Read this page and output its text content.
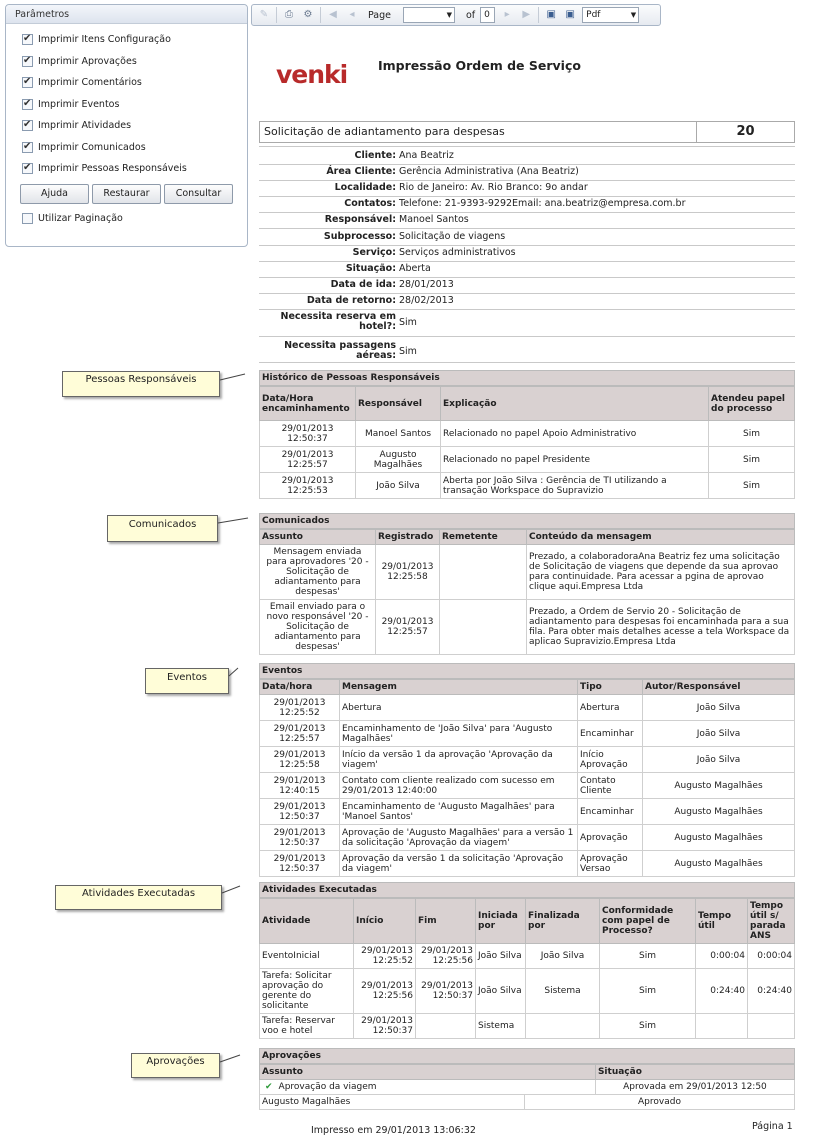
Parâmetros
✔
Imprimir Itens Configuração
✔
Imprimir Aprovações
✔
Imprimir Comentários
✔
Imprimir Eventos
✔
Imprimir Atividades
✔
Imprimir Comunicados
✔
Imprimir Pessoas Responsáveis
Ajuda	Restaurar	Consultar
Utilizar Paginação
✎	⎙	⚙	◀	◂	Page	▼ of	0	▸	▶	▣ ▣	Pdf	▼
venki Impressão Ordem de Serviço
Solicitação de adiantamento para despesas	20
Cliente: Ana Beatriz
Área Cliente: Gerência Administrativa (Ana Beatriz)
Localidade: Rio de Janeiro: Av. Rio Branco: 9o andar
Contatos: Telefone: 21-9393-9292Email: ana.beatriz@empresa.com.br
Responsável: Manoel Santos
Subprocesso: Solicitação de viagens
Serviço: Serviços administrativos
Situação: Aberta
Data de ida: 28/01/2013
Data de retorno: 28/02/2013
Necessita reserva em hotel?: Sim
Necessita passagens aéreas: Sim
Histórico de Pessoas Responsáveis
Data/Hora encaminhamento	Responsável	Explicação	Atendeu papel do processo
29/01/2013 12:50:37	Manoel Santos	Relacionado no papel Apoio Administrativo	Sim
29/01/2013 12:25:57	Augusto Magalhães	Relacionado no papel Presidente	Sim
29/01/2013 12:25:53	João Silva	Aberta por João Silva : Gerência de TI utilizando a transação Workspace do Supravizio	Sim
Comunicados
Assunto	Registrado	Remetente	Conteúdo da mensagem
Mensagem enviada para aprovadores '20 - Solicitação de adiantamento para despesas'	29/01/2013 12:25:58		Prezado, a colaboradoraAna Beatriz fez uma solicitação de Solicitação de viagens que depende da sua aprovao para continuidade. Para acessar a pgina de aprovao clique aqui.Empresa Ltda
Email enviado para o novo responsável '20 - Solicitação de adiantamento para despesas'	29/01/2013 12:25:57		Prezado, a Ordem de Servio 20 - Solicitação de adiantamento para despesas foi encaminhada para a sua fila. Para obter mais detalhes acesse a tela Workspace da aplicao Supravizio.Empresa Ltda
Eventos
Data/hora	Mensagem	Tipo	Autor/Responsável
29/01/2013 12:25:52	Abertura	Abertura	João Silva
29/01/2013 12:25:57	Encaminhamento de 'João Silva' para 'Augusto Magalhães'	Encaminhar	João Silva
29/01/2013 12:25:58	Início da versão 1 da aprovação 'Aprovação da viagem'	Início Aprovação	João Silva
29/01/2013 12:40:15	Contato com cliente realizado com sucesso em 29/01/2013 12:40:00	Contato Cliente	Augusto Magalhães
29/01/2013 12:50:37	Encaminhamento de 'Augusto Magalhães' para 'Manoel Santos'	Encaminhar	Augusto Magalhães
29/01/2013 12:50:37	Aprovação de 'Augusto Magalhães' para a versão 1 da solicitação 'Aprovação da viagem'	Aprovação	Augusto Magalhães
29/01/2013 12:50:37	Aprovação da versão 1 da solicitação 'Aprovação da viagem'	Aprovação Versao	Augusto Magalhães
Atividades Executadas
Atividade	Início	Fim	Iniciada por	Finalizada por	Conformidade com papel de Processo?	Tempo útil	Tempo útil s/ parada ANS
EventoInicial	29/01/2013 12:25:52	29/01/2013 12:25:56	João Silva	João Silva	Sim	0:00:04	0:00:04
Tarefa: Solicitar aprovação do gerente do solicitante	29/01/2013 12:25:56	29/01/2013 12:50:37	João Silva	Sistema	Sim	0:24:40	0:24:40
Tarefa: Reservar voo e hotel	29/01/2013 12:50:37		Sistema		Sim		
Aprovações
Assunto		Situação
✔ Aprovação da viagem		Aprovada em 29/01/2013 12:50
Augusto Magalhães	Aprovado	
Pessoas Responsáveis
Comunicados
Eventos
Atividades Executadas
Aprovações
Impresso em 29/01/2013 13:06:32	Página 1
